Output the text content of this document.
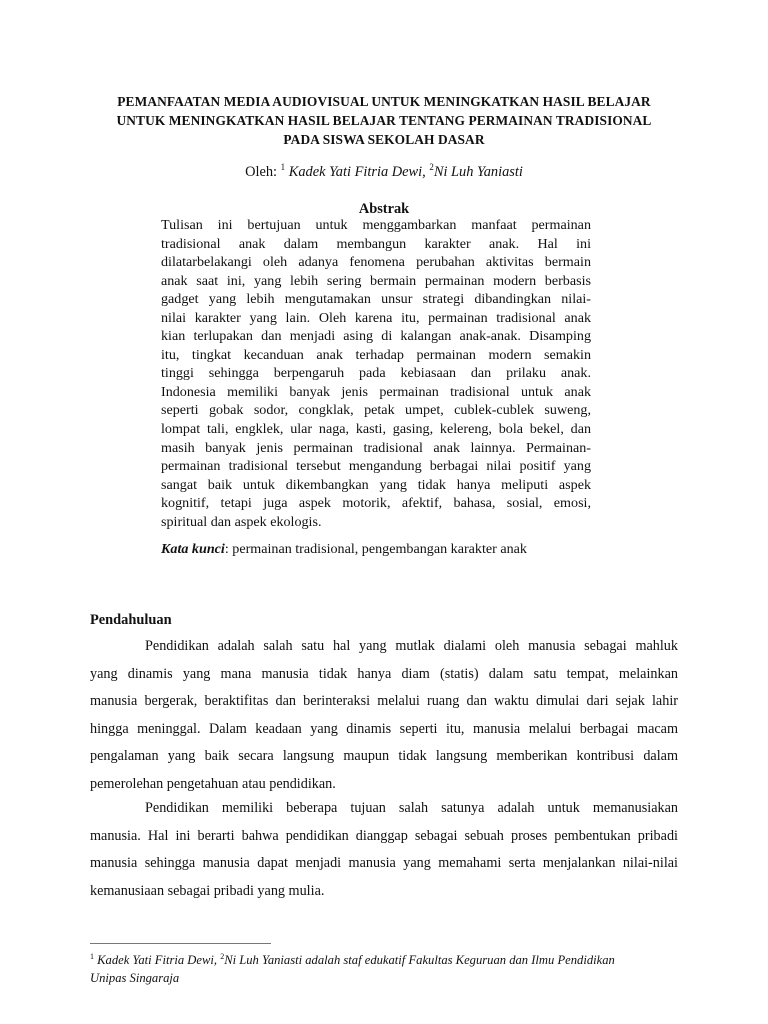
PEMANFAATAN MEDIA AUDIOVISUAL UNTUK MENINGKATKAN HASIL BELAJAR
UNTUK MENINGKATKAN HASIL BELAJAR TENTANG PERMAINAN TRADISIONAL
PADA SISWA SEKOLAH DASAR
Oleh: $^1$ Kadek Yati Fitria Dewi, $^2$Ni Luh Yaniasti
Abstrak
Tulisan ini bertujuan untuk menggambarkan manfaat permainan
tradisional anak dalam membangun karakter anak. Hal ini
dilatarbelakangi oleh adanya fenomena perubahan aktivitas bermain
anak saat ini, yang lebih sering bermain permainan modern berbasis
gadget yang lebih mengutamakan unsur strategi dibandingkan nilai-
nilai karakter yang lain. Oleh karena itu, permainan tradisional anak
kian terlupakan dan menjadi asing di kalangan anak-anak. Disamping
itu, tingkat kecanduan anak terhadap permainan modern semakin
tinggi sehingga berpengaruh pada kebiasaan dan prilaku anak.
Indonesia memiliki banyak jenis permainan tradisional untuk anak
seperti gobak sodor, congklak, petak umpet, cublek-cublek suweng,
lompat tali, engklek, ular naga, kasti, gasing, kelereng, bola bekel, dan
masih banyak jenis permainan tradisional anak lainnya. Permainan-
permainan tradisional tersebut mengandung berbagai nilai positif yang
sangat baik untuk dikembangkan yang tidak hanya meliputi aspek
kognitif, tetapi juga aspek motorik, afektif, bahasa, sosial, emosi,
spiritual dan aspek ekologis.
Kata kunci: permainan tradisional, pengembangan karakter anak
Pendahuluan
Pendidikan adalah salah satu hal yang mutlak dialami oleh manusia sebagai mahluk
yang dinamis yang mana manusia tidak hanya diam (statis) dalam satu tempat, melainkan
manusia bergerak, beraktifitas dan berinteraksi melalui ruang dan waktu dimulai dari sejak lahir
hingga meninggal. Dalam keadaan yang dinamis seperti itu, manusia melalui berbagai macam
pengalaman yang baik secara langsung maupun tidak langsung memberikan kontribusi dalam
pemerolehan pengetahuan atau pendidikan.
Pendidikan memiliki beberapa tujuan salah satunya adalah untuk memanusiakan
manusia. Hal ini berarti bahwa pendidikan dianggap sebagai sebuah proses pembentukan pribadi
manusia sehingga manusia dapat menjadi manusia yang memahami serta menjalankan nilai-nilai
kemanusiaan sebagai pribadi yang mulia.
$^1$ Kadek Yati Fitria Dewi, $^2$Ni Luh Yaniasti adalah staf edukatif Fakultas Keguruan dan Ilmu Pendidikan
Unipas Singaraja
